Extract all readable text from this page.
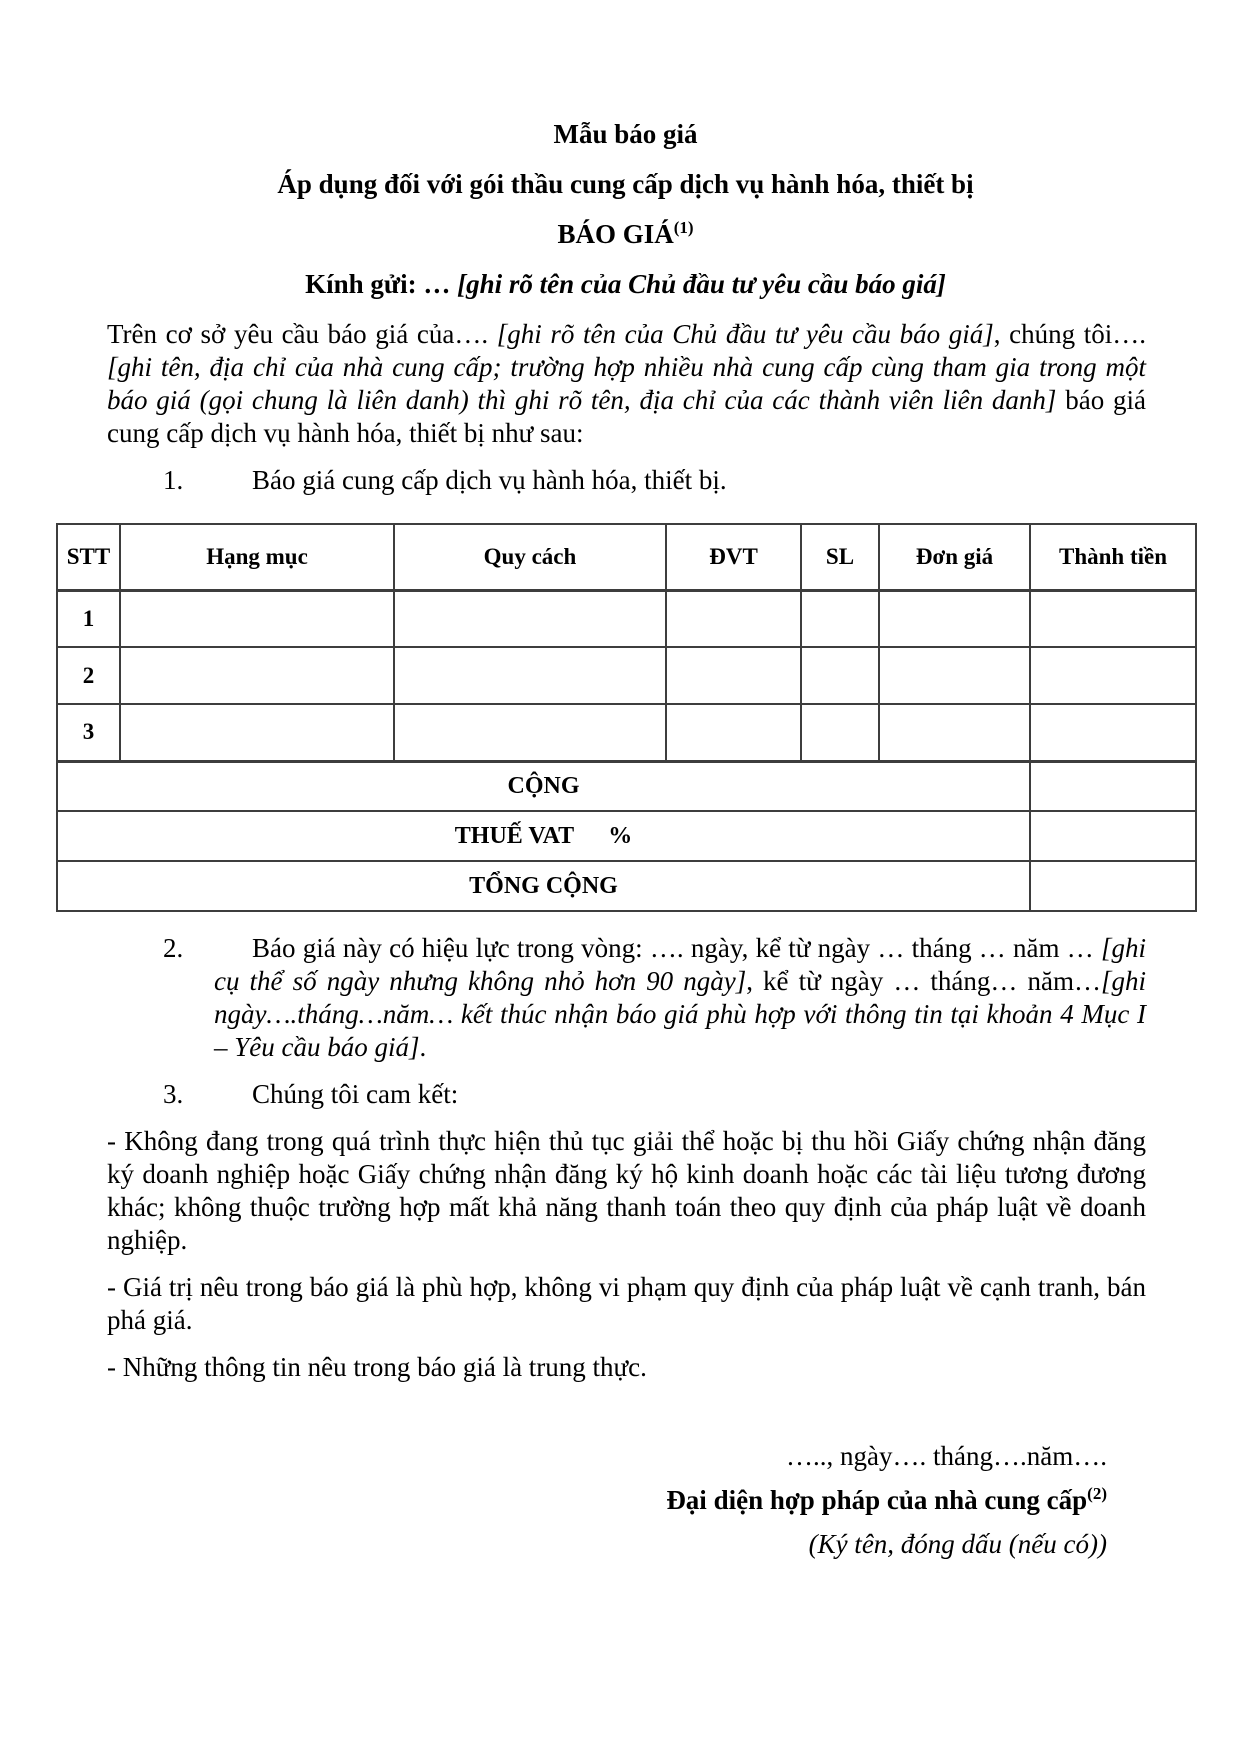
Mẫu báo giá
Áp dụng đối với gói thầu cung cấp dịch vụ hành hóa, thiết bị
BÁO GIÁ$^{(1)}$
Kính gửi: … [ghi rõ tên của Chủ đầu tư yêu cầu báo giá]

Trên cơ sở yêu cầu báo giá của…. [ghi rõ tên của Chủ đầu tư yêu cầu báo giá], chúng tôi….[ghi tên, địa chỉ của nhà cung cấp; trường hợp nhiều nhà cung cấp cùng tham gia trong một báo giá (gọi chung là liên danh) thì ghi rõ tên, địa chỉ của các thành viên liên danh] báo giá cung cấp dịch vụ hành hóa, thiết bị như sau:

1.	Báo giá cung cấp dịch vụ hành hóa, thiết bị.
STT	Hạng mục	Quy cách	ĐVT	SL	Đơn giá	Thành tiền
1						
2						
3						
CỘNG						
THUẾ VAT %						
TỔNG CỘNG						
2.	Báo giá này có hiệu lực trong vòng: …. ngày, kể từ ngày … tháng … năm … [ghi cụ thể số ngày nhưng không nhỏ hơn 90 ngày], kể từ ngày … tháng… năm…[ghi ngày….tháng…năm… kết thúc nhận báo giá phù hợp với thông tin tại khoản 4 Mục I – Yêu cầu báo giá].
3.	Chúng tôi cam kết:

- Không đang trong quá trình thực hiện thủ tục giải thể hoặc bị thu hồi Giấy chứng nhận đăng ký doanh nghiệp hoặc Giấy chứng nhận đăng ký hộ kinh doanh hoặc các tài liệu tương đương khác; không thuộc trường hợp mất khả năng thanh toán theo quy định của pháp luật về doanh nghiệp.

- Giá trị nêu trong báo giá là phù hợp, không vi phạm quy định của pháp luật về cạnh tranh, bán phá giá.

- Những thông tin nêu trong báo giá là trung thực.

….., ngày…. tháng….năm….
Đại diện hợp pháp của nhà cung cấp$^{(2)}$
(Ký tên, đóng dấu (nếu có))
